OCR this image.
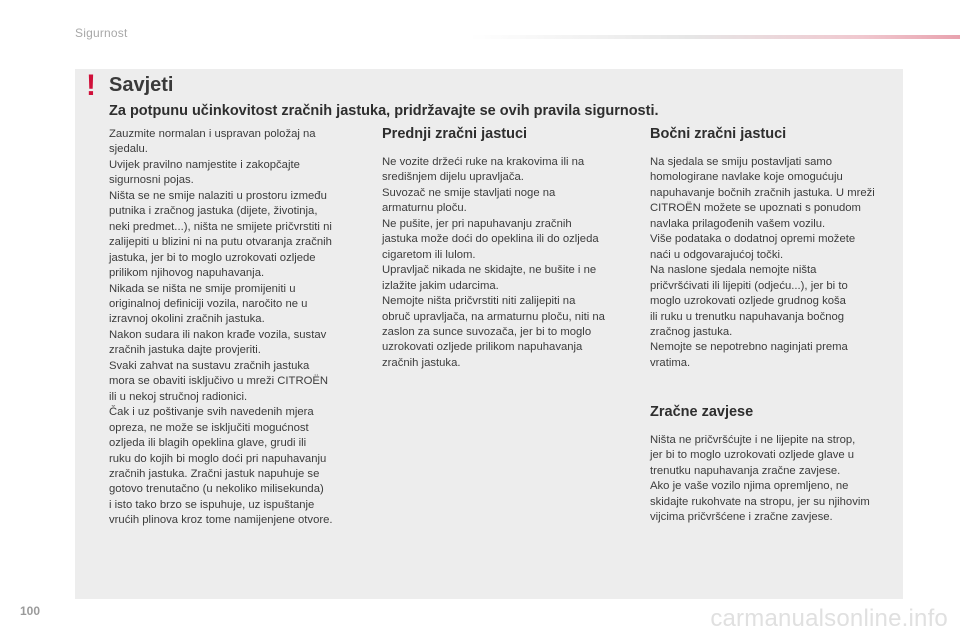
Sigurnost
! Savjeti
Za potpunu učinkovitost zračnih jastuka, pridržavajte se ovih pravila sigurnosti.

Zauzmite normalan i uspravan položaj na

sjedalu.

Uvijek pravilno namjestite i zakopčajte

sigurnosni pojas.

Ništa se ne smije nalaziti u prostoru između

putnika i zračnog jastuka (dijete, životinja,

neki predmet...), ništa ne smijete pričvrstiti ni

zalijepiti u blizini ni na putu otvaranja zračnih

jastuka, jer bi to moglo uzrokovati ozljede

prilikom njihovog napuhavanja.

Nikada se ništa ne smije promijeniti u

originalnoj definiciji vozila, naročito ne u

izravnoj okolini zračnih jastuka.

Nakon sudara ili nakon krađe vozila, sustav

zračnih jastuka dajte provjeriti.

Svaki zahvat na sustavu zračnih jastuka

mora se obaviti isključivo u mreži CITROËN

ili u nekoj stručnoj radionici.

Čak i uz poštivanje svih navedenih mjera

opreza, ne može se isključiti mogućnost

ozljeda ili blagih opeklina glave, grudi ili

ruku do kojih bi moglo doći pri napuhavanju

zračnih jastuka. Zračni jastuk napuhuje se

gotovo trenutačno (u nekoliko milisekunda)

i isto tako brzo se ispuhuje, uz ispuštanje

vrućih plinova kroz tome namijenjene otvore.

Prednji zračni jastuci

Ne vozite držeći ruke na krakovima ili na

središnjem dijelu upravljača.

Suvozač ne smije stavljati noge na

armaturnu ploču.

Ne pušite, jer pri napuhavanju zračnih

jastuka može doći do opeklina ili do ozljeda

cigaretom ili lulom.

Upravljač nikada ne skidajte, ne bušite i ne

izlažite jakim udarcima.

Nemojte ništa pričvrstiti niti zalijepiti na

obruč upravljača, na armaturnu ploču, niti na

zaslon za sunce suvozača, jer bi to moglo

uzrokovati ozljede prilikom napuhavanja

zračnih jastuka.

Bočni zračni jastuci

Na sjedala se smiju postavljati samo

homologirane navlake koje omogućuju

napuhavanje bočnih zračnih jastuka. U mreži

CITROËN možete se upoznati s ponudom

navlaka prilagođenih vašem vozilu.

Više podataka o dodatnoj opremi možete

naći u odgovarajućoj točki.

Na naslone sjedala nemojte ništa

pričvršćivati ili lijepiti (odjeću...), jer bi to

moglo uzrokovati ozljede grudnog koša

ili ruku u trenutku napuhavanja bočnog

zračnog jastuka.

Nemojte se nepotrebno naginjati prema

vratima.

Zračne zavjese

Ništa ne pričvršćujte i ne lijepite na strop,

jer bi to moglo uzrokovati ozljede glave u

trenutku napuhavanja zračne zavjese.

Ako je vaše vozilo njima opremljeno, ne

skidajte rukohvate na stropu, jer su njihovim

vijcima pričvršćene i zračne zavjese.

100	carmanualsonline.info
